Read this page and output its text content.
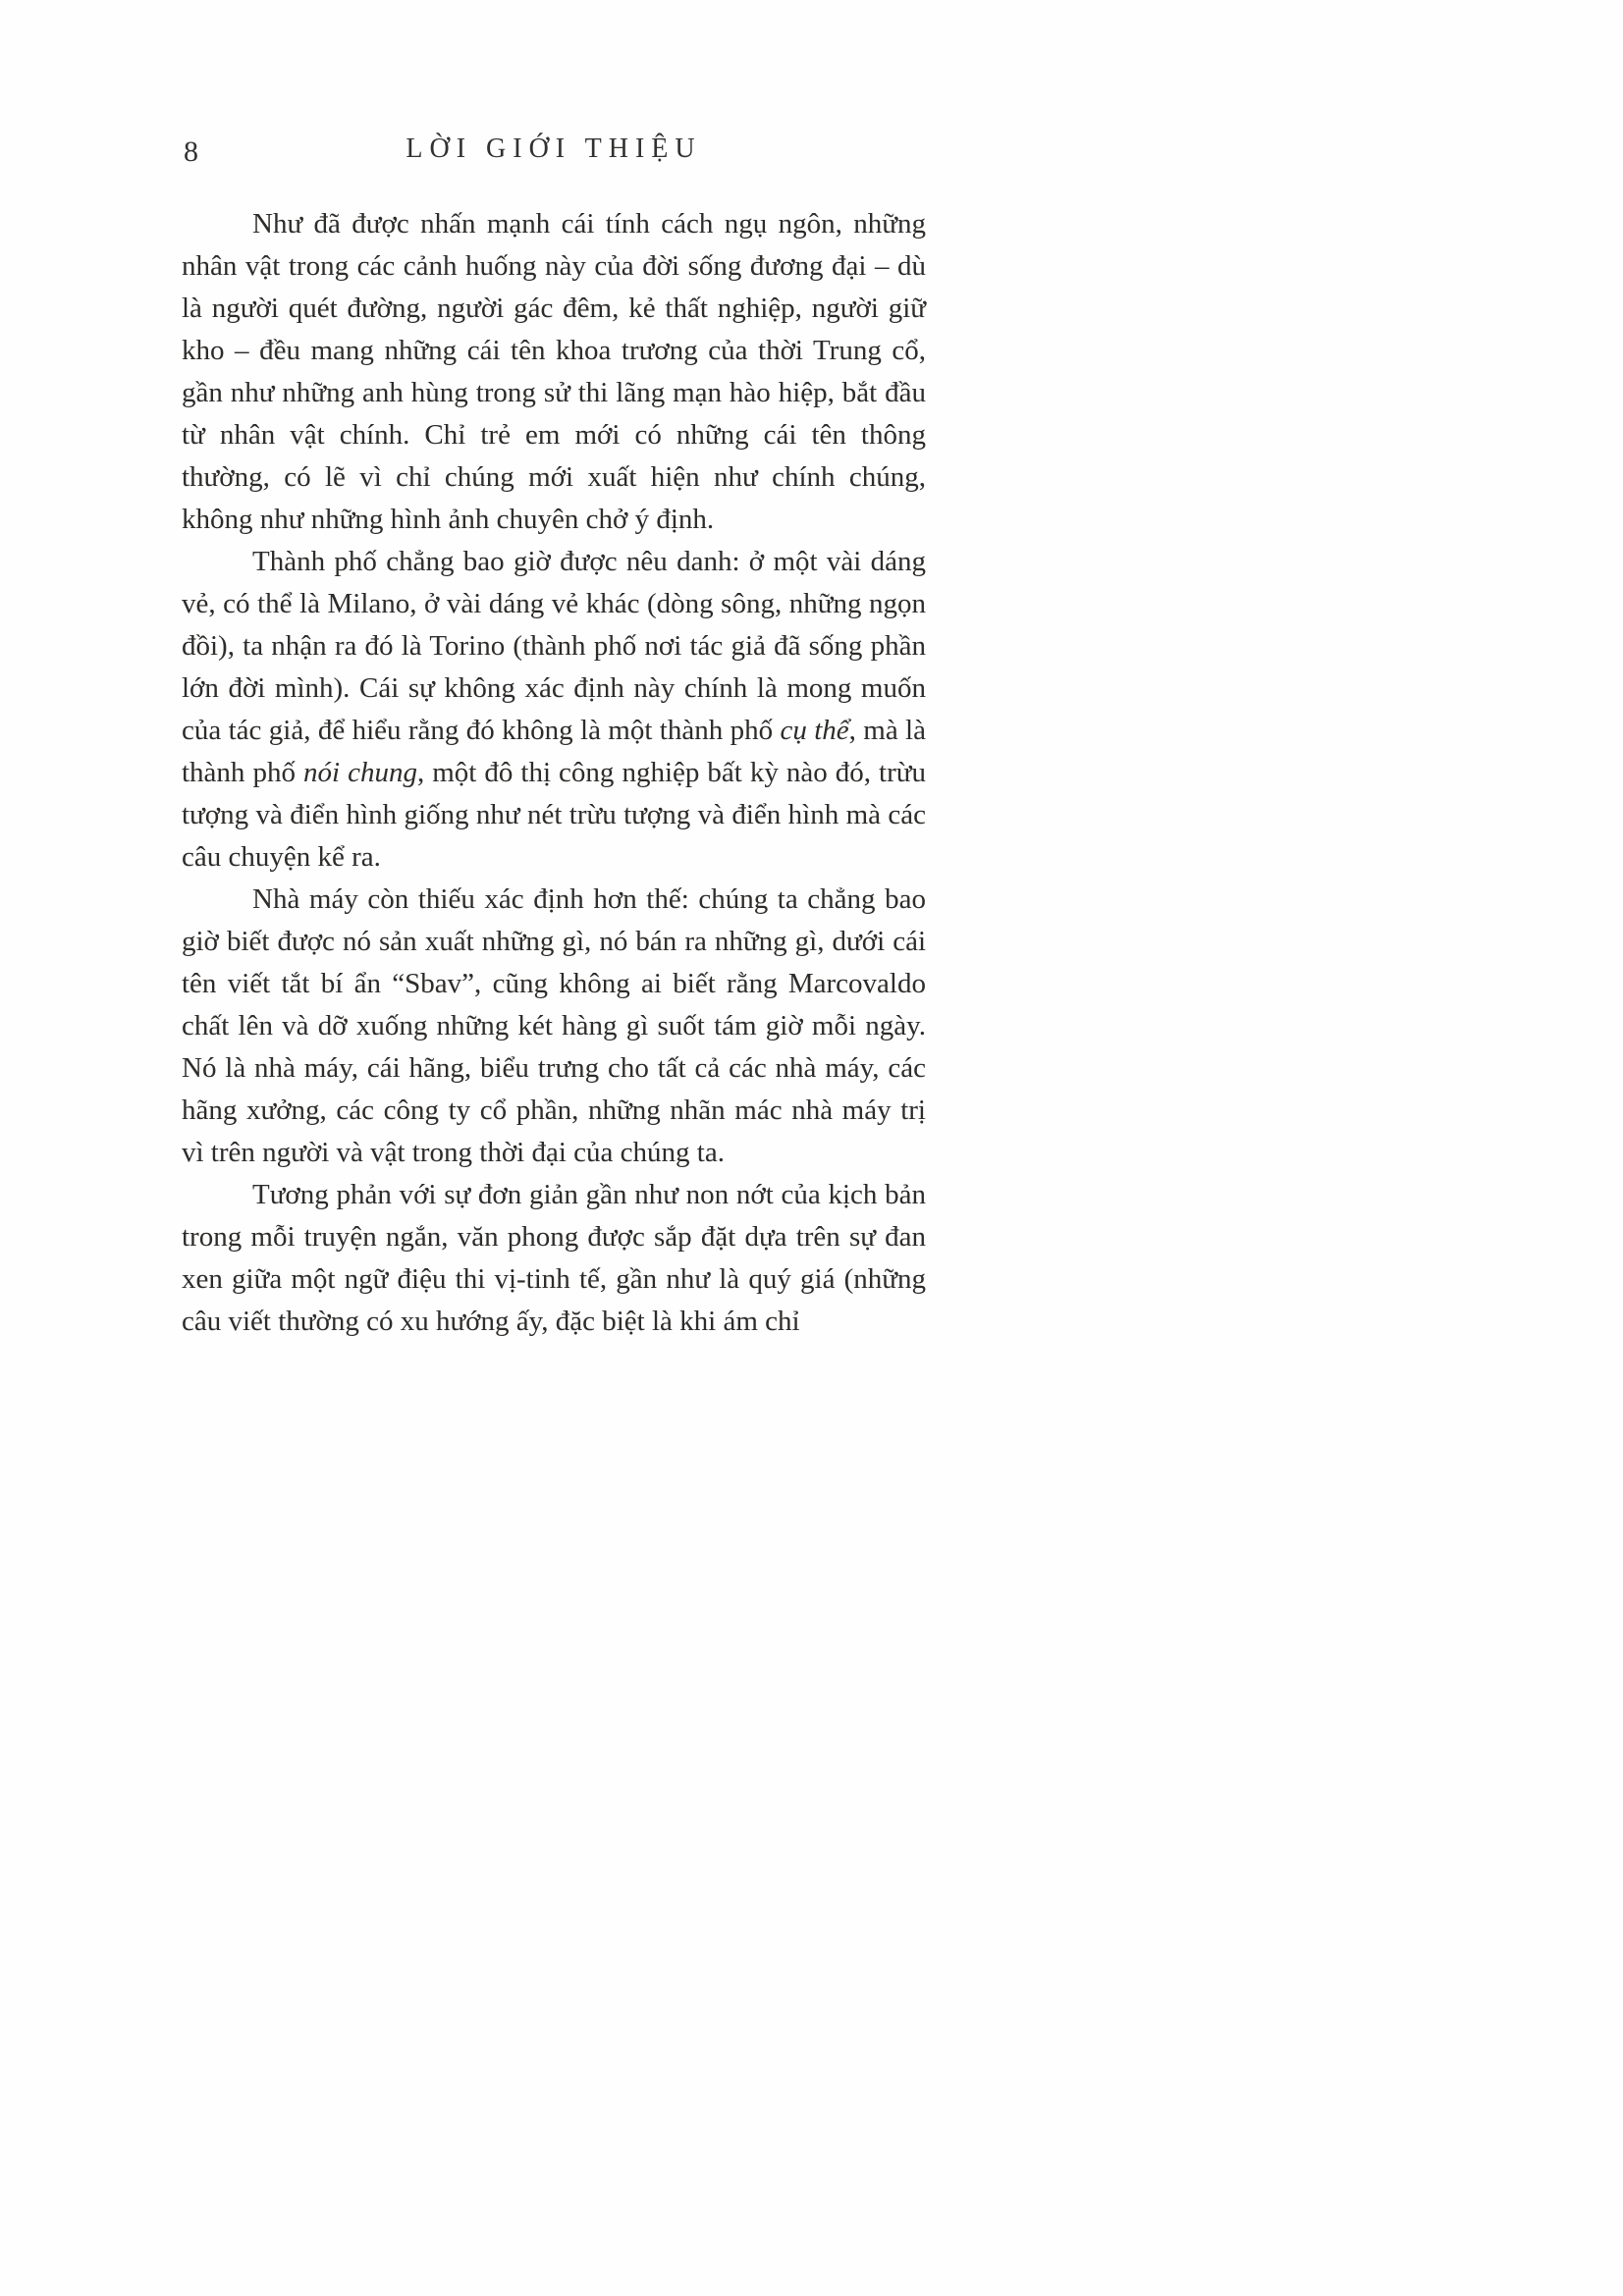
8	LỜI GIỚI THIỆU

Như đã được nhấn mạnh cái tính cách ngụ ngôn, những nhân vật trong các cảnh huống này của đời sống đương đại – dù là người quét đường, người gác đêm, kẻ thất nghiệp, người giữ kho – đều mang những cái tên khoa trương của thời Trung cổ, gần như những anh hùng trong sử thi lãng mạn hào hiệp, bắt đầu từ nhân vật chính. Chỉ trẻ em mới có những cái tên thông thường, có lẽ vì chỉ chúng mới xuất hiện như chính chúng, không như những hình ảnh chuyên chở ý định.

Thành phố chẳng bao giờ được nêu danh: ở một vài dáng vẻ, có thể là Milano, ở vài dáng vẻ khác (dòng sông, những ngọn đồi), ta nhận ra đó là Torino (thành phố nơi tác giả đã sống phần lớn đời mình). Cái sự không xác định này chính là mong muốn của tác giả, để hiểu rằng đó không là một thành phố cụ thể, mà là thành phố nói chung, một đô thị công nghiệp bất kỳ nào đó, trừu tượng và điển hình giống như nét trừu tượng và điển hình mà các câu chuyện kể ra.

Nhà máy còn thiếu xác định hơn thế: chúng ta chẳng bao giờ biết được nó sản xuất những gì, nó bán ra những gì, dưới cái tên viết tắt bí ẩn “Sbav”, cũng không ai biết rằng Marcovaldo chất lên và dỡ xuống những két hàng gì suốt tám giờ mỗi ngày. Nó là nhà máy, cái hãng, biểu trưng cho tất cả các nhà máy, các hãng xưởng, các công ty cổ phần, những nhãn mác nhà máy trị vì trên người và vật trong thời đại của chúng ta.

Tương phản với sự đơn giản gần như non nớt của kịch bản trong mỗi truyện ngắn, văn phong được sắp đặt dựa trên sự đan xen giữa một ngữ điệu thi vị-tinh tế, gần như là quý giá (những câu viết thường có xu hướng ấy, đặc biệt là khi ám chỉ
